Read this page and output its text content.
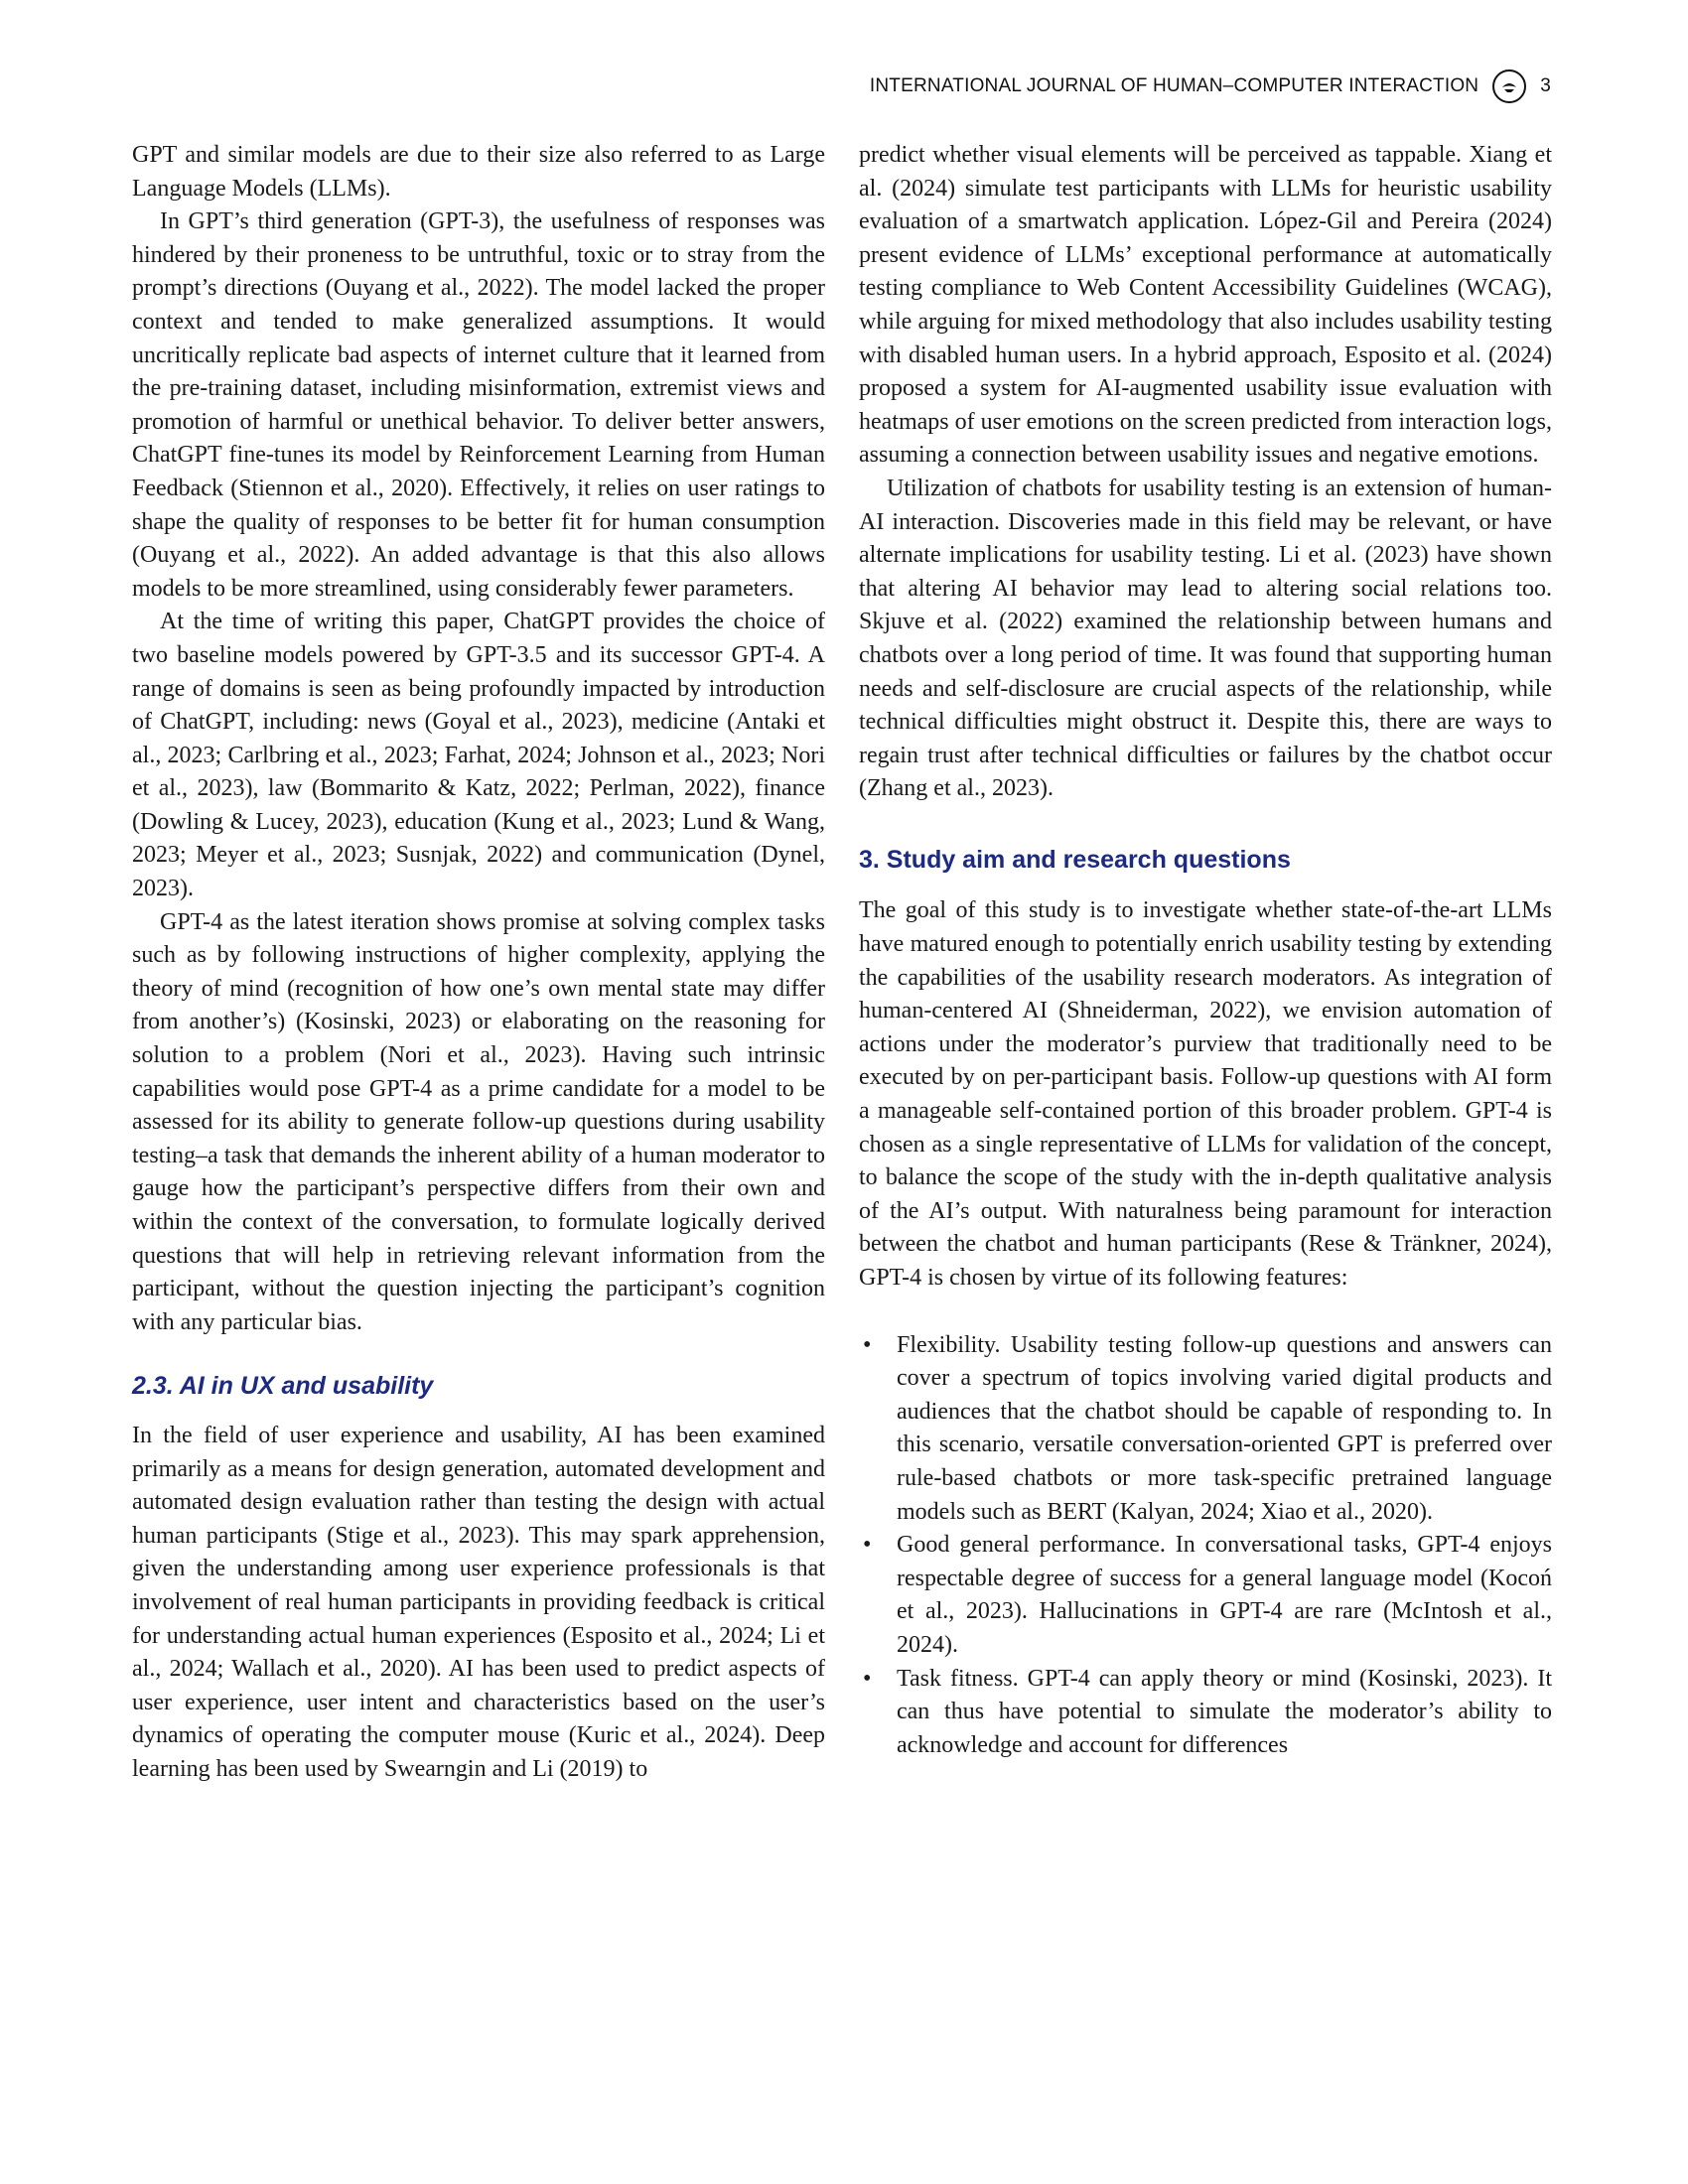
INTERNATIONAL JOURNAL OF HUMAN–COMPUTER INTERACTION	3

GPT and similar models are due to their size also referred to as Large Language Models (LLMs).

In GPT’s third generation (GPT-3), the usefulness of responses was hindered by their proneness to be untruthful, toxic or to stray from the prompt’s directions (Ouyang et al., 2022). The model lacked the proper context and tended to make generalized assumptions. It would uncritically replicate bad aspects of internet culture that it learned from the pre-training dataset, including misinformation, extremist views and promotion of harmful or unethical behavior. To deliver better answers, ChatGPT fine-tunes its model by Reinforcement Learning from Human Feedback (Stiennon et al., 2020). Effectively, it relies on user ratings to shape the quality of responses to be better fit for human consumption (Ouyang et al., 2022). An added advantage is that this also allows models to be more streamlined, using considerably fewer parameters.

At the time of writing this paper, ChatGPT provides the choice of two baseline models powered by GPT-3.5 and its successor GPT-4. A range of domains is seen as being profoundly impacted by introduction of ChatGPT, including: news (Goyal et al., 2023), medicine (Antaki et al., 2023; Carlbring et al., 2023; Farhat, 2024; Johnson et al., 2023; Nori et al., 2023), law (Bommarito & Katz, 2022; Perlman, 2022), finance (Dowling & Lucey, 2023), education (Kung et al., 2023; Lund & Wang, 2023; Meyer et al., 2023; Susnjak, 2022) and communication (Dynel, 2023).

GPT-4 as the latest iteration shows promise at solving complex tasks such as by following instructions of higher complexity, applying the theory of mind (recognition of how one’s own mental state may differ from another’s) (Kosinski, 2023) or elaborating on the reasoning for solution to a problem (Nori et al., 2023). Having such intrinsic capabilities would pose GPT-4 as a prime candidate for a model to be assessed for its ability to generate follow-up questions during usability testing–a task that demands the inherent ability of a human moderator to gauge how the participant’s perspective differs from their own and within the context of the conversation, to formulate logically derived questions that will help in retrieving relevant information from the participant, without the question injecting the participant’s cognition with any particular bias.

2.3. AI in UX and usability

In the field of user experience and usability, AI has been examined primarily as a means for design generation, automated development and automated design evaluation rather than testing the design with actual human participants (Stige et al., 2023). This may spark apprehension, given the understanding among user experience professionals is that involvement of real human participants in providing feedback is critical for understanding actual human experiences (Esposito et al., 2024; Li et al., 2024; Wallach et al., 2020). AI has been used to predict aspects of user experience, user intent and characteristics based on the user’s dynamics of operating the computer mouse (Kuric et al., 2024). Deep learning has been used by Swearngin and Li (2019) to

predict whether visual elements will be perceived as tappable. Xiang et al. (2024) simulate test participants with LLMs for heuristic usability evaluation of a smartwatch application. López-Gil and Pereira (2024) present evidence of LLMs’ exceptional performance at automatically testing compliance to Web Content Accessibility Guidelines (WCAG), while arguing for mixed methodology that also includes usability testing with disabled human users. In a hybrid approach, Esposito et al. (2024) proposed a system for AI-augmented usability issue evaluation with heatmaps of user emotions on the screen predicted from interaction logs, assuming a connection between usability issues and negative emotions.

Utilization of chatbots for usability testing is an extension of human-AI interaction. Discoveries made in this field may be relevant, or have alternate implications for usability testing. Li et al. (2023) have shown that altering AI behavior may lead to altering social relations too. Skjuve et al. (2022) examined the relationship between humans and chatbots over a long period of time. It was found that supporting human needs and self-disclosure are crucial aspects of the relationship, while technical difficulties might obstruct it. Despite this, there are ways to regain trust after technical difficulties or failures by the chatbot occur (Zhang et al., 2023).

3. Study aim and research questions

The goal of this study is to investigate whether state-of-the-art LLMs have matured enough to potentially enrich usability testing by extending the capabilities of the usability research moderators. As integration of human-centered AI (Shneiderman, 2022), we envision automation of actions under the moderator’s purview that traditionally need to be executed by on per-participant basis. Follow-up questions with AI form a manageable self-contained portion of this broader problem. GPT-4 is chosen as a single representative of LLMs for validation of the concept, to balance the scope of the study with the in-depth qualitative analysis of the AI’s output. With naturalness being paramount for interaction between the chatbot and human participants (Rese & Tränkner, 2024), GPT-4 is chosen by virtue of its following features:

• Flexibility. Usability testing follow-up questions and answers can cover a spectrum of topics involving varied digital products and audiences that the chatbot should be capable of responding to. In this scenario, versatile conversation-oriented GPT is preferred over rule-based chatbots or more task-specific pretrained language models such as BERT (Kalyan, 2024; Xiao et al., 2020).
• Good general performance. In conversational tasks, GPT-4 enjoys respectable degree of success for a general language model (Kocoń et al., 2023). Hallucinations in GPT-4 are rare (McIntosh et al., 2024).
• Task fitness. GPT-4 can apply theory or mind (Kosinski, 2023). It can thus have potential to simulate the moderator’s ability to acknowledge and account for differences
